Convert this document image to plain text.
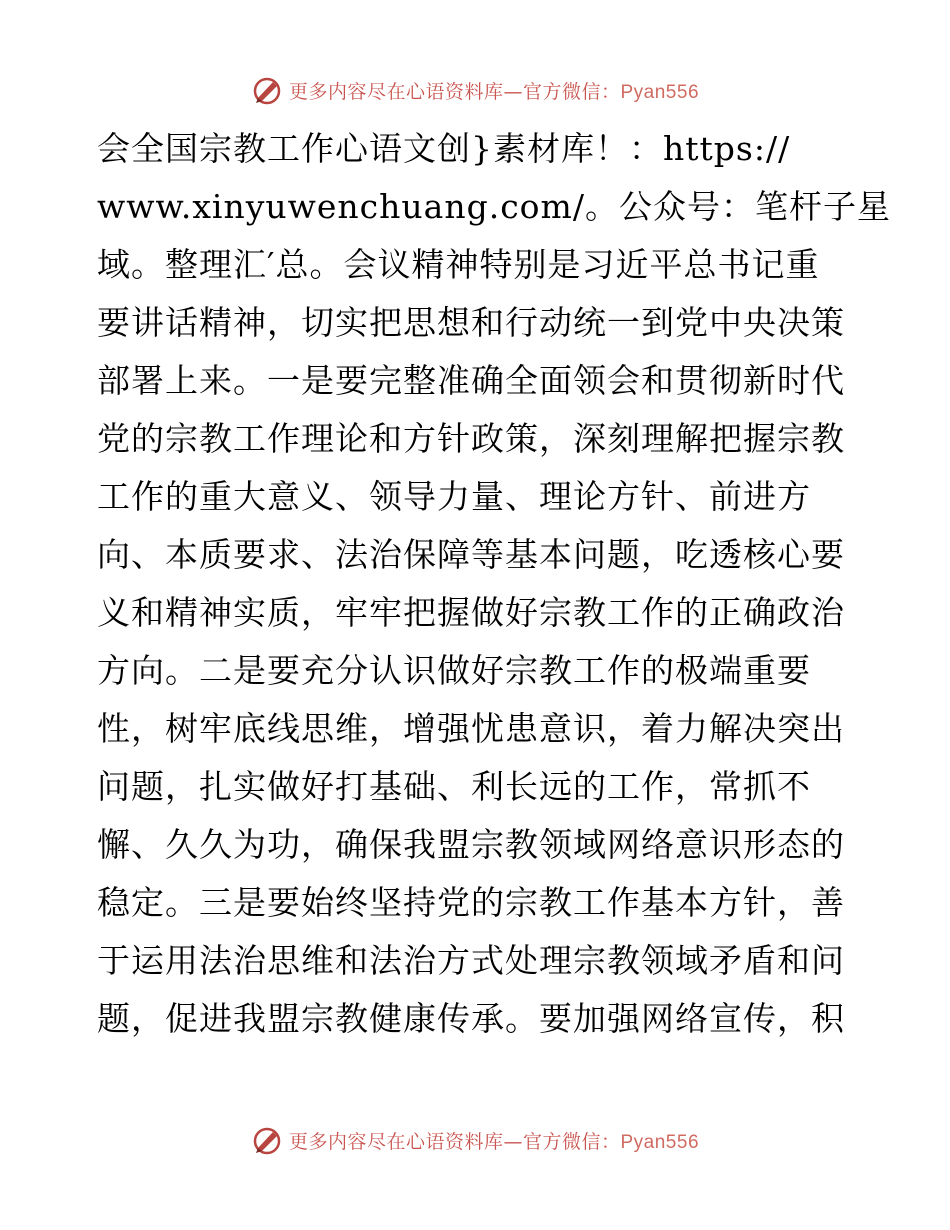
更多内容尽在心语资料库—官方微信：Pyan556
会全国宗教工作心语文创}素材库！：https://
www.xinyuwenchuang.com/。公众号：笔杆子星
域。整理汇′总。会议精神特别是习近平总书记重
要讲话精神，切实把思想和行动统一到党中央决策
部署上来。一是要完整准确全面领会和贯彻新时代
党的宗教工作理论和方针政策，深刻理解把握宗教
工作的重大意义、领导力量、理论方针、前进方
向、本质要求、法治保障等基本问题，吃透核心要
义和精神实质，牢牢把握做好宗教工作的正确政治
方向。二是要充分认识做好宗教工作的极端重要
性，树牢底线思维，增强忧患意识，着力解决突出
问题，扎实做好打基础、利长远的工作，常抓不
懈、久久为功，确保我盟宗教领域网络意识形态的
稳定。三是要始终坚持党的宗教工作基本方针，善
于运用法治思维和法治方式处理宗教领域矛盾和问
题，促进我盟宗教健康传承。要加强网络宣传，积
更多内容尽在心语资料库—官方微信：Pyan556
